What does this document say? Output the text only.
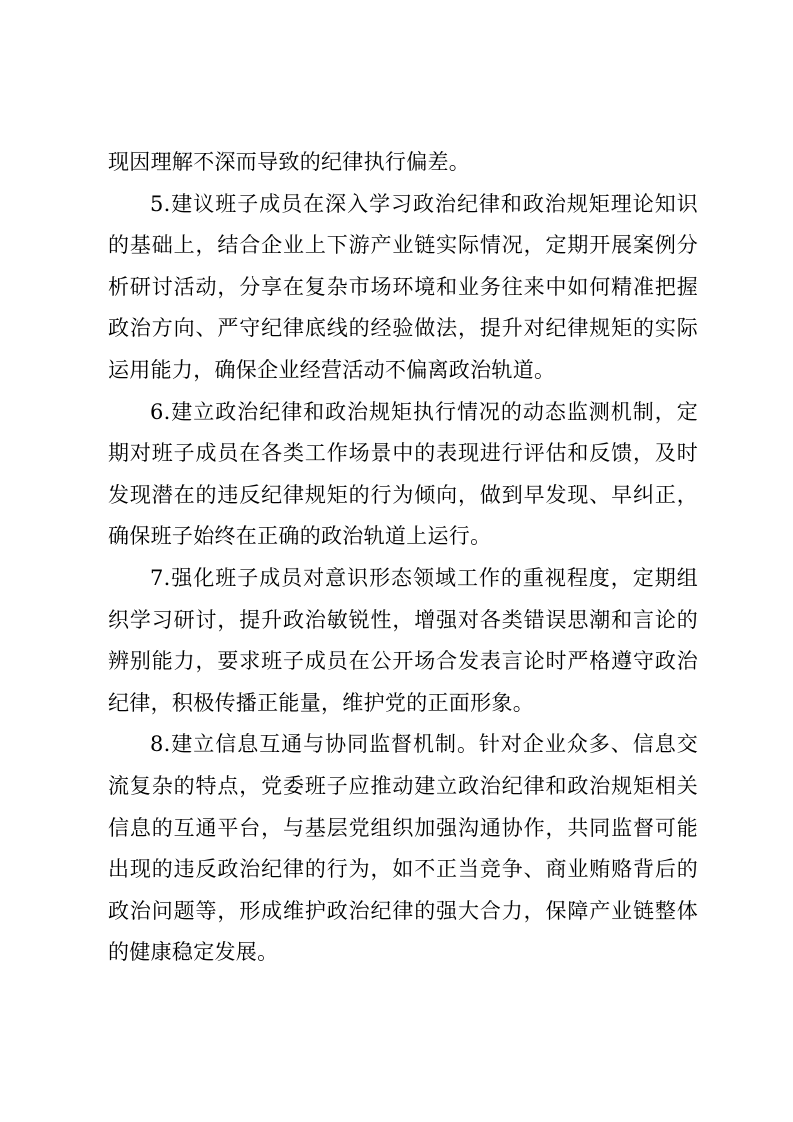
现因理解不深而导致的纪律执行偏差。

5.建议班子成员在深入学习政治纪律和政治规矩理论知识的基础上，结合企业上下游产业链实际情况，定期开展案例分析研讨活动，分享在复杂市场环境和业务往来中如何精准把握政治方向、严守纪律底线的经验做法，提升对纪律规矩的实际运用能力，确保企业经营活动不偏离政治轨道。

6.建立政治纪律和政治规矩执行情况的动态监测机制，定期对班子成员在各类工作场景中的表现进行评估和反馈，及时发现潜在的违反纪律规矩的行为倾向，做到早发现、早纠正，确保班子始终在正确的政治轨道上运行。

7.强化班子成员对意识形态领域工作的重视程度，定期组织学习研讨，提升政治敏锐性，增强对各类错误思潮和言论的辨别能力，要求班子成员在公开场合发表言论时严格遵守政治纪律，积极传播正能量，维护党的正面形象。

8.建立信息互通与协同监督机制。针对企业众多、信息交流复杂的特点，党委班子应推动建立政治纪律和政治规矩相关信息的互通平台，与基层党组织加强沟通协作，共同监督可能出现的违反政治纪律的行为，如不正当竞争、商业贿赂背后的政治问题等，形成维护政治纪律的强大合力，保障产业链整体的健康稳定发展。
